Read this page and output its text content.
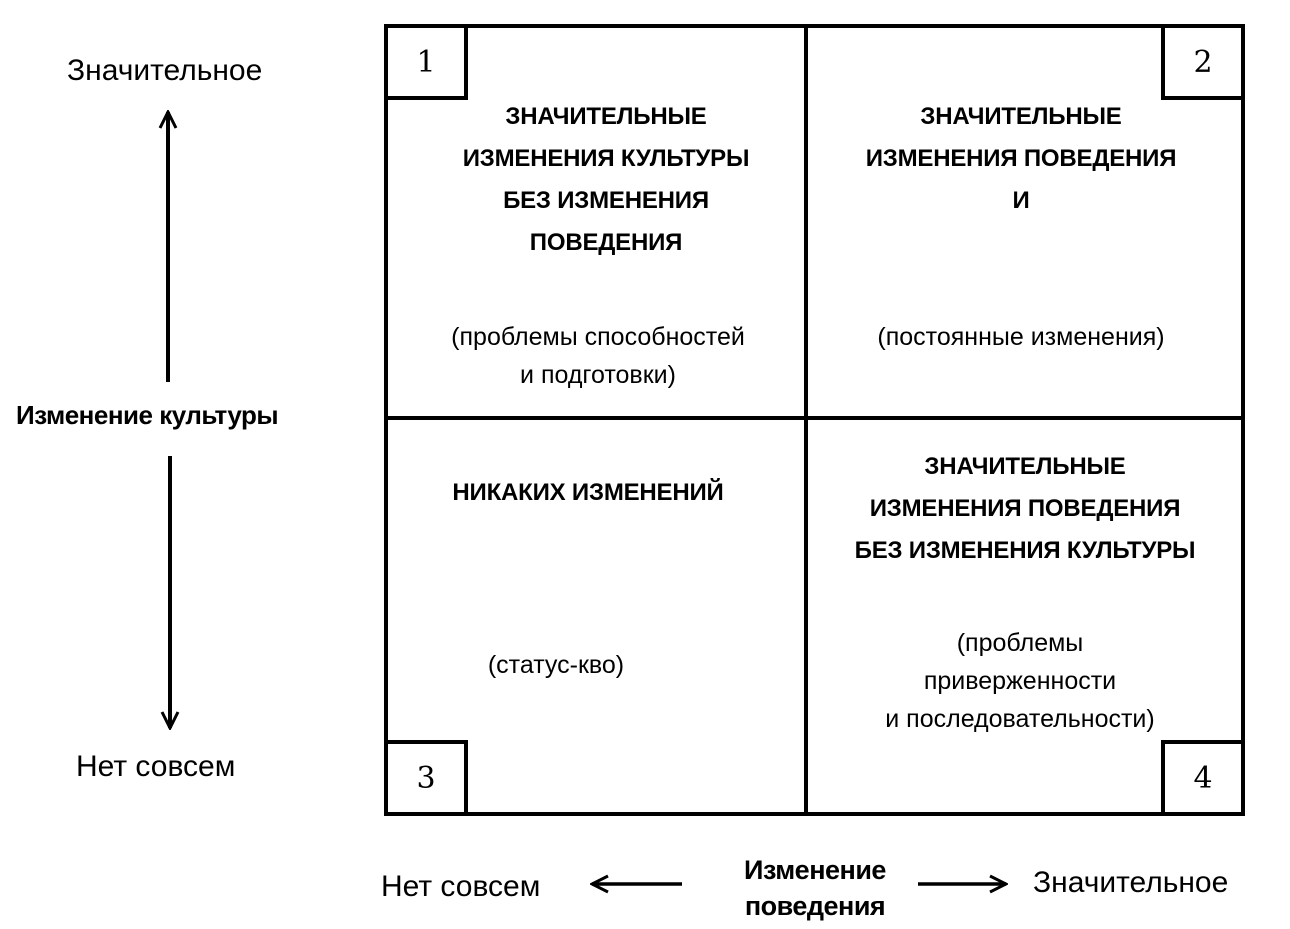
Значительное
Изменение культуры
Нет совсем
Нет совсем	Изменение
поведения
Значительное
1
ЗНАЧИТЕЛЬНЫЕ
ИЗМЕНЕНИЯ КУЛЬТУРЫ
БЕЗ ИЗМЕНЕНИЯ
ПОВЕДЕНИЯ
(проблемы способностей
и подготовки)
2
ЗНАЧИТЕЛЬНЫЕ
ИЗМЕНЕНИЯ ПОВЕДЕНИЯ
И
(постоянные изменения)
3
НИКАКИХ ИЗМЕНЕНИЙ
(статус-кво)
4
ЗНАЧИТЕЛЬНЫЕ
ИЗМЕНЕНИЯ ПОВЕДЕНИЯ
БЕЗ ИЗМЕНЕНИЯ КУЛЬТУРЫ
(проблемы
приверженности
и последовательности)
